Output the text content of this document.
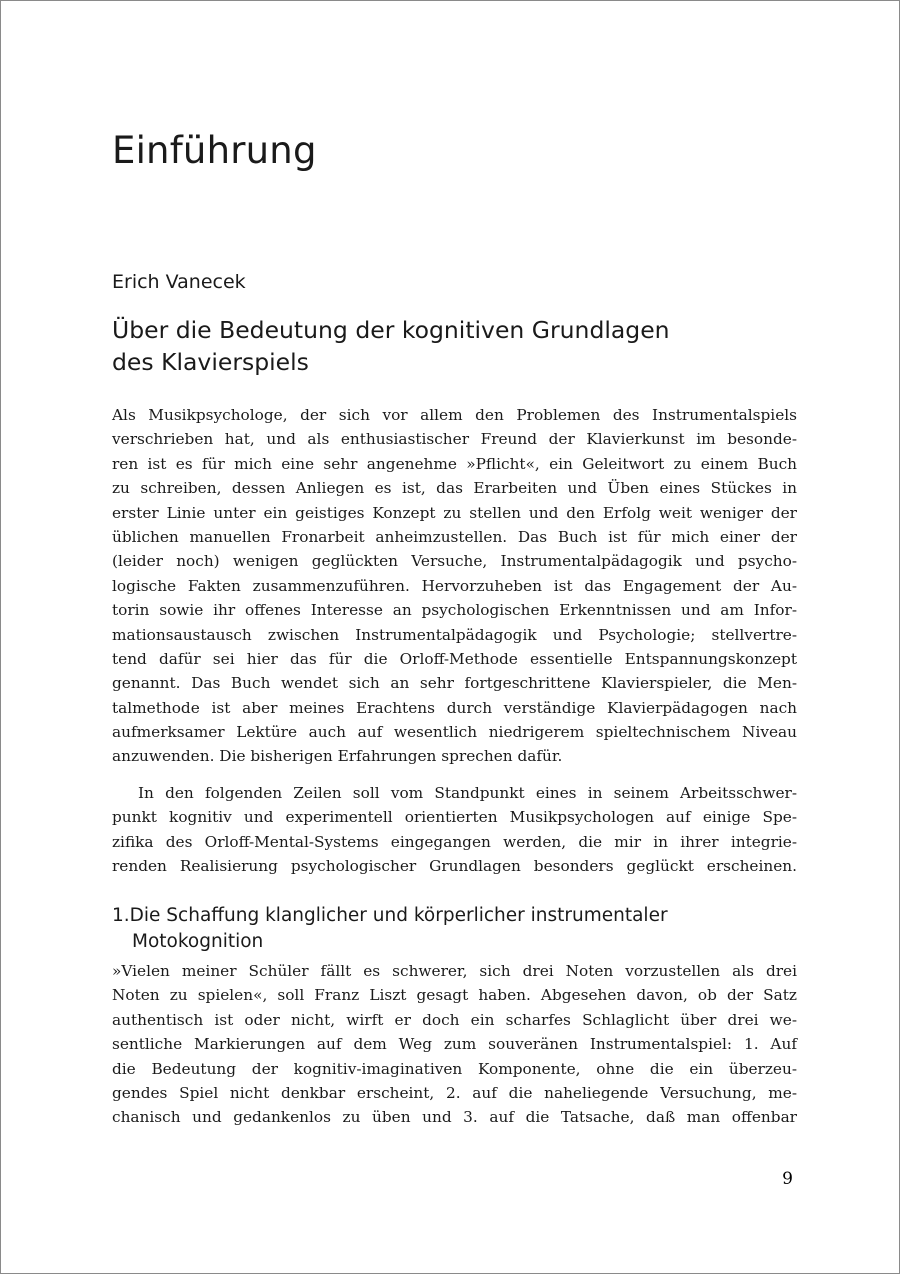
Einführung
Erich Vanecek
Über die Bedeutung der kognitiven Grundlagen
des Klavierspiels
Als Musikpsychologe, der sich vor allem den Problemen des Instrumentalspiels
verschrieben hat, und als enthusiastischer Freund der Klavierkunst im besonde-
ren ist es für mich eine sehr angenehme »Pflicht«, ein Geleitwort zu einem Buch
zu schreiben, dessen Anliegen es ist, das Erarbeiten und Üben eines Stückes in
erster Linie unter ein geistiges Konzept zu stellen und den Erfolg weit weniger der
üblichen manuellen Fronarbeit anheimzustellen. Das Buch ist für mich einer der
(leider noch) wenigen geglückten Versuche, Instrumentalpädagogik und psycho-
logische Fakten zusammenzuführen. Hervorzuheben ist das Engagement der Au-
torin sowie ihr offenes Interesse an psychologischen Erkenntnissen und am Infor-
mationsaustausch zwischen Instrumentalpädagogik und Psychologie; stellvertre-
tend dafür sei hier das für die Orloff-Methode essentielle Entspannungskonzept
genannt. Das Buch wendet sich an sehr fortgeschrittene Klavierspieler, die Men-
talmethode ist aber meines Erachtens durch verständige Klavierpädagogen nach
aufmerksamer Lektüre auch auf wesentlich niedrigerem spieltechnischem Niveau
anzuwenden. Die bisherigen Erfahrungen sprechen dafür.
In den folgenden Zeilen soll vom Standpunkt eines in seinem Arbeitsschwer-
punkt kognitiv und experimentell orientierten Musikpsychologen auf einige Spe-
zifika des Orloff-Mental-Systems eingegangen werden, die mir in ihrer integrie-
renden Realisierung psychologischer Grundlagen besonders geglückt erscheinen.
1.Die Schaffung klanglicher und körperlicher instrumentaler
Motokognition
»Vielen meiner Schüler fällt es schwerer, sich drei Noten vorzustellen als drei
Noten zu spielen«, soll Franz Liszt gesagt haben. Abgesehen davon, ob der Satz
authentisch ist oder nicht, wirft er doch ein scharfes Schlaglicht über drei we-
sentliche Markierungen auf dem Weg zum souveränen Instrumentalspiel: 1. Auf
die Bedeutung der kognitiv-imaginativen Komponente, ohne die ein überzeu-
gendes Spiel nicht denkbar erscheint, 2. auf die naheliegende Versuchung, me-
chanisch und gedankenlos zu üben und 3. auf die Tatsache, daß man offenbar
9
